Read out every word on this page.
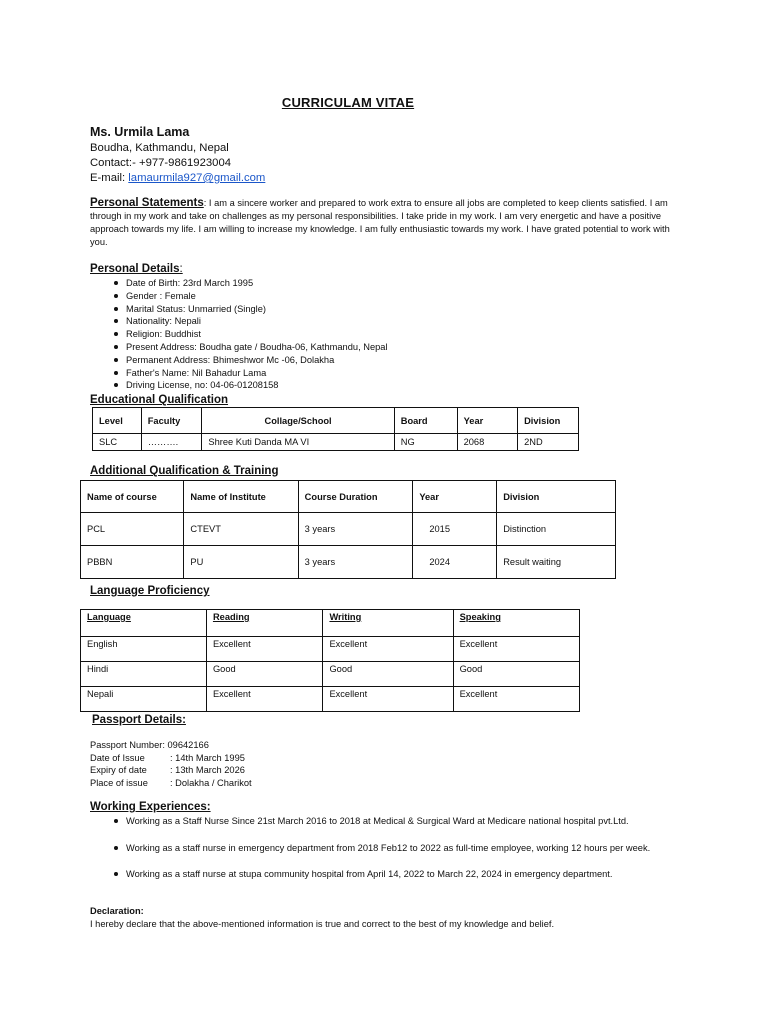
CURRICULAM VITAE
Ms. Urmila Lama
Boudha, Kathmandu, Nepal
Contact:- +977-9861923004
E-mail: lamaurmila927@gmail.com
Personal Statements: I am a sincere worker and prepared to work extra to ensure all jobs are completed to keep clients satisfied. I am through in my work and take on challenges as my personal responsibilities. I take pride in my work. I am very energetic and have a positive approach towards my life. I am willing to increase my knowledge. I am fully enthusiastic towards my work. I have grated potential to work with you.
Personal Details:
Date of Birth: 23rd March 1995
Gender : Female
Marital Status: Unmarried (Single)
Nationality: Nepali
Religion: Buddhist
Present Address: Boudha gate / Boudha-06, Kathmandu, Nepal
Permanent Address: Bhimeshwor Mc -06, Dolakha
Father's Name: Nil Bahadur Lama
Driving License, no: 04-06-01208158
Educational Qualification
Level	Faculty	Collage/School	Board	Year	Division
SLC	……….	Shree Kuti Danda MA VI	NG	2068	2ND
Additional Qualification & Training
Name of course	Name of Institute	Course Duration	Year	Division
PCL	CTEVT	3 years	2015	Distinction
PBBN	PU	3 years	2024	Result waiting
Language Proficiency
Language	Reading	Writing	Speaking
English	Excellent	Excellent	Excellent
Hindi	Good	Good	Good
Nepali	Excellent	Excellent	Excellent
Passport Details:
Passport Number: 09642166
Date of Issue	: 14th March 1995
Expiry of date	: 13th March 2026
Place of issue	: Dolakha / Charikot
Working Experiences:
Working as a Staff Nurse Since 21st March 2016 to 2018 at Medical & Surgical Ward at Medicare national hospital pvt.Ltd.
Working as a staff nurse in emergency department from 2018 Feb12 to 2022 as full-time employee, working 12 hours per week.
Working as a staff nurse at stupa community hospital from April 14, 2022 to March 22, 2024 in emergency department.
Declaration:
I hereby declare that the above-mentioned information is true and correct to the best of my knowledge and belief.
